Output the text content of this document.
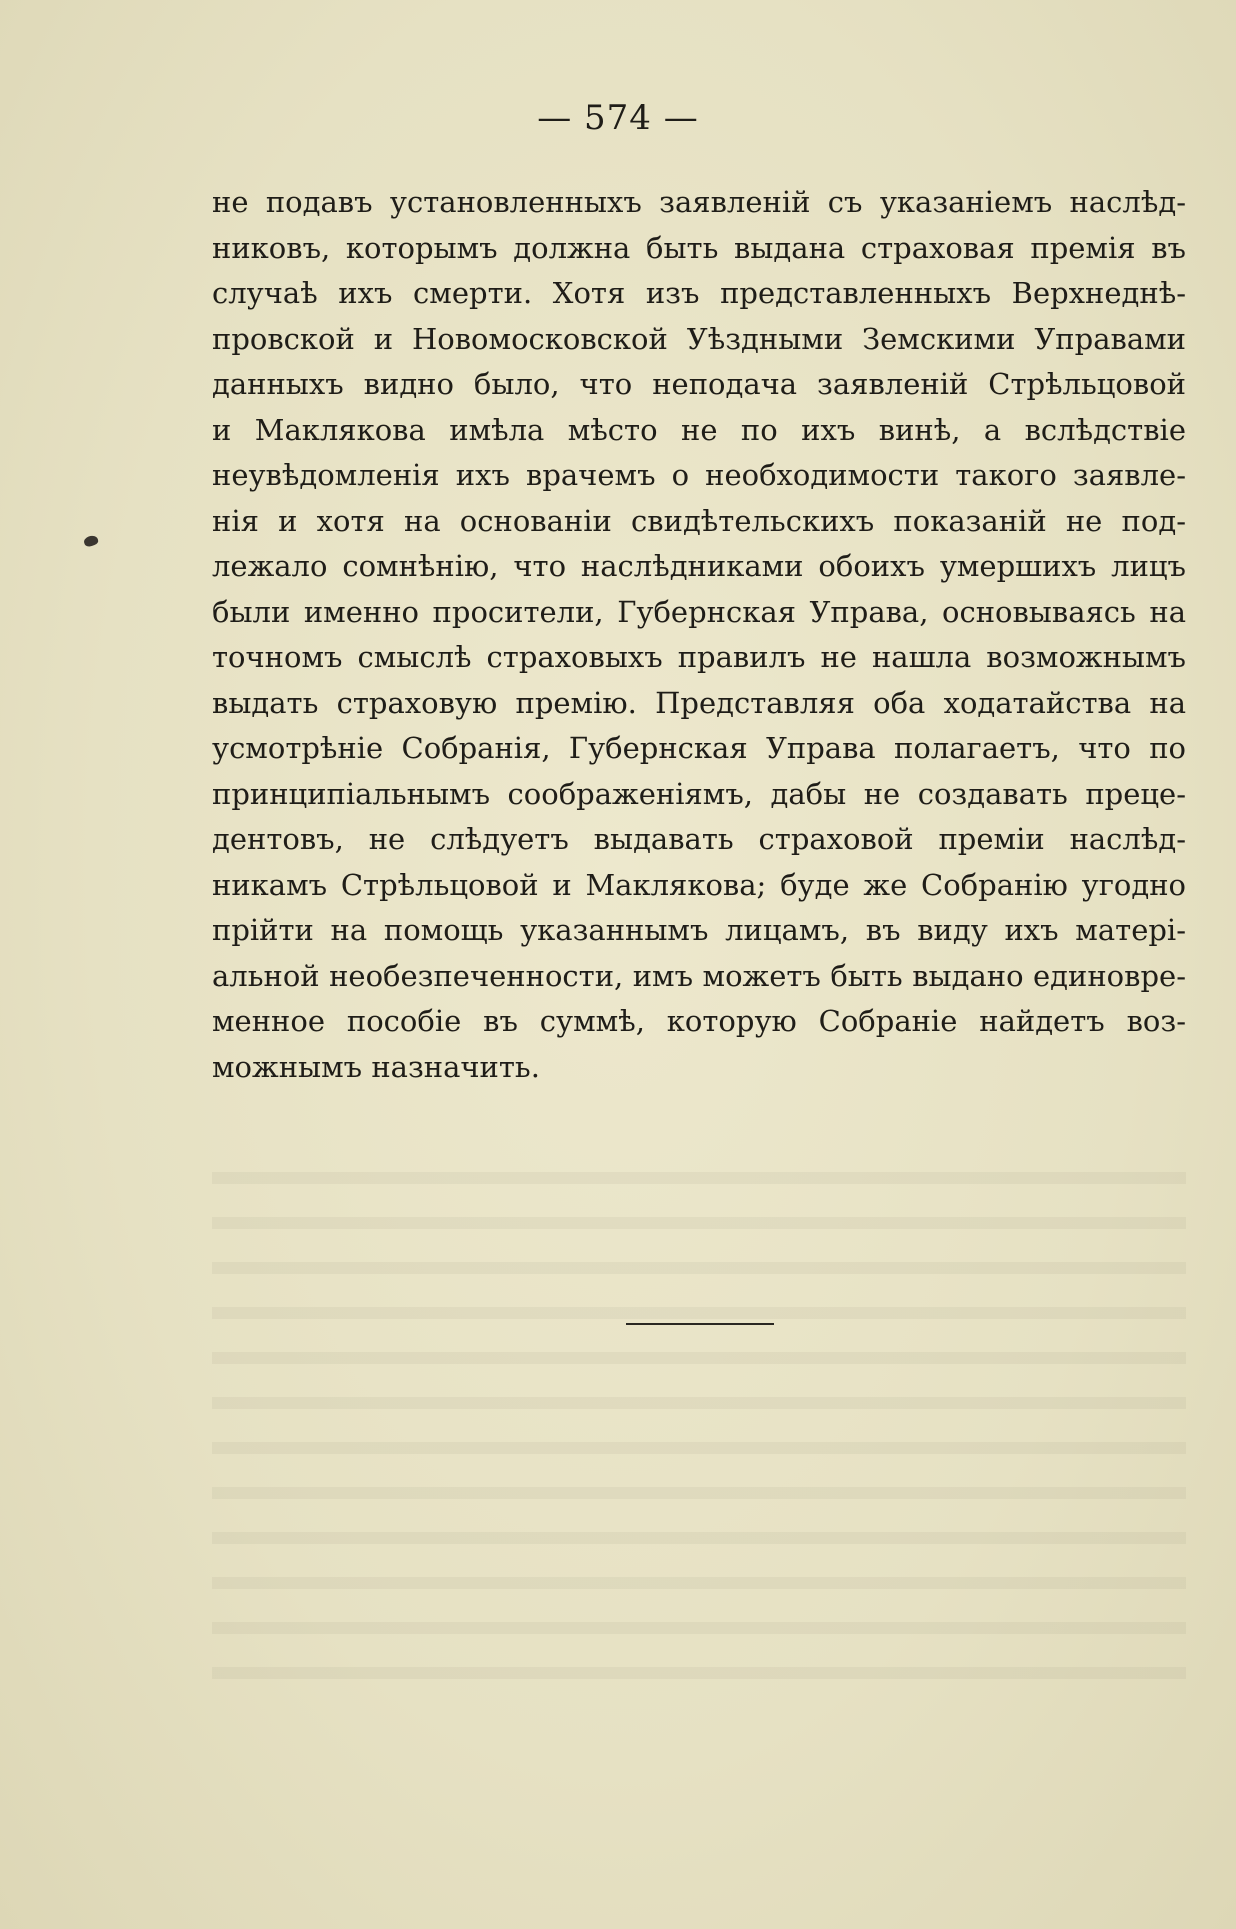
— 574 —
не подавъ установленныхъ заявленій съ указаніемъ наслѣд-
никовъ, которымъ должна быть выдана страховая премія въ
случаѣ ихъ смерти. Хотя изъ представленныхъ Верхнеднѣ-
провской и Новомосковской Уѣздными Земскими Управами
данныхъ видно было, что неподача заявленій Стрѣльцовой
и Маклякова имѣла мѣсто не по ихъ винѣ, а вслѣдствіе
неувѣдомленія ихъ врачемъ о необходимости такого заявле-
нія и хотя на основаніи свидѣтельскихъ показаній не под-
лежало сомнѣнію, что наслѣдниками обоихъ умершихъ лицъ
были именно просители, Губернская Управа, основываясь на
точномъ смыслѣ страховыхъ правилъ не нашла возможнымъ
выдать страховую премію. Представляя оба ходатайства на
усмотрѣніе Собранія, Губернская Управа полагаетъ, что по
принципіальнымъ соображеніямъ, дабы не создавать преце-
дентовъ, не слѣдуетъ выдавать страховой преміи наслѣд-
никамъ Стрѣльцовой и Маклякова; буде же Собранію угодно
прійти на помощь указаннымъ лицамъ, въ виду ихъ матері-
альной необезпеченности, имъ можетъ быть выдано единовре-
менное пособіе въ суммѣ, которую Собраніе найдетъ воз-
можнымъ назначить.
